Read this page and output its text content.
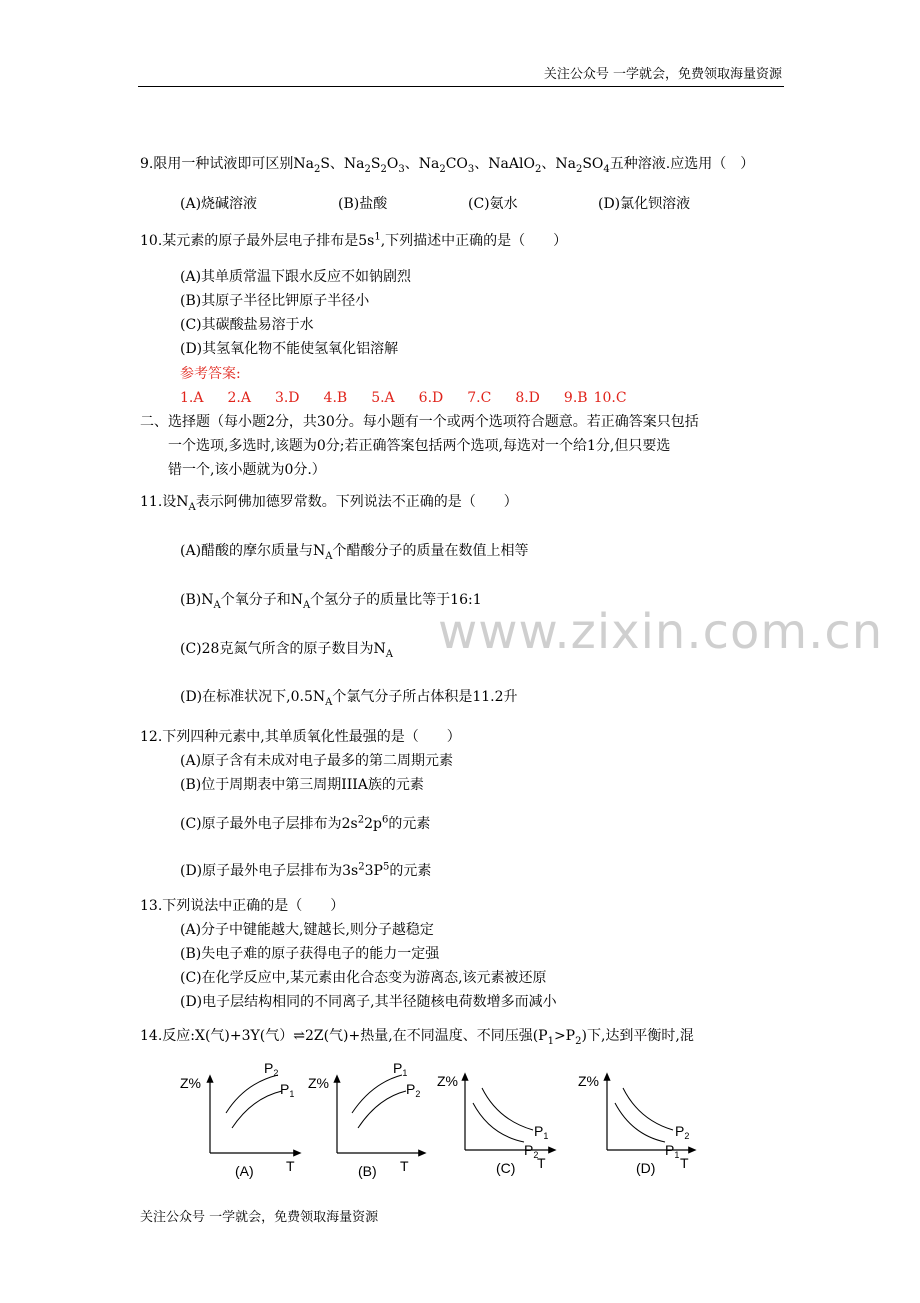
关注公众号 一学就会，免费领取海量资源
www.zixin.com.cn
9.限用一种试液即可区别$Na_2S$、$Na_2S_2O_3$、$Na_2CO_3$、NaAlO$_2$、$Na_2SO_4$五种溶液.应选用（　）
(A)烧碱溶液	(B)盐酸	(C)氨水	(D)氯化钡溶液
10.某元素的原子最外层电子排布是$5s^1$,下列描述中正确的是（　　）
(A)其单质常温下跟水反应不如钠剧烈
(B)其原子半径比钾原子半径小
(C)其碳酸盐易溶于水
(D)其氢氧化物不能使氢氧化铝溶解
参考答案:
1.A 2.A 3.D 4.B 5.A 6.D 7.C 8.D 9.B 10.C
二、选择题（每小题2分，共30分。每小题有一个或两个选项符合题意。若正确答案只包括
一个选项,多选时,该题为0分;若正确答案包括两个选项,每选对一个给1分,但只要选
错一个,该小题就为0分.）
11.设$N_A$表示阿佛加德罗常数。下列说法不正确的是（　　）
(A)醋酸的摩尔质量与$N_A$个醋酸分子的质量在数值上相等
$(B)N_A$个氧分子和$N_A$个氢分子的质量比等于16:1
(C)28克氮气所含的原子数目为$N_A$
(D)在标准状况下$,0.5N_A$个氯气分子所占体积是11.2升
12.下列四种元素中,其单质氧化性最强的是（　　）
(A)原子含有未成对电子最多的第二周期元素
(B)位于周期表中第三周期IIIA族的元素
(C)原子最外电子层排布为$2s^22p^6$的元素
(D)原子最外电子层排布为$3s^23P^5$的元素
13.下列说法中正确的是（　　）
(A)分子中键能越大,键越长,则分子越稳定
(B)失电子难的原子获得电子的能力一定强
(C)在化学反应中,某元素由化合态变为游离态,该元素被还原
(D)电子层结构相同的不同离子,其半径随核电荷数增多而减小
14.反应:X(气)+3Y(气）⇌2Z(气)+热量,在不同温度、不同压强$(P_1>P_2)$下,达到平衡时,混
Z%
T
$P_2$
$P_1$
(A)
Z%
T
$P_1$
$P_2$
(B)
Z%
T
$P_1$
$P_2$
(C)
Z%
T
$P_2$
$P_1$
(D)
关注公众号 一学就会，免费领取海量资源
